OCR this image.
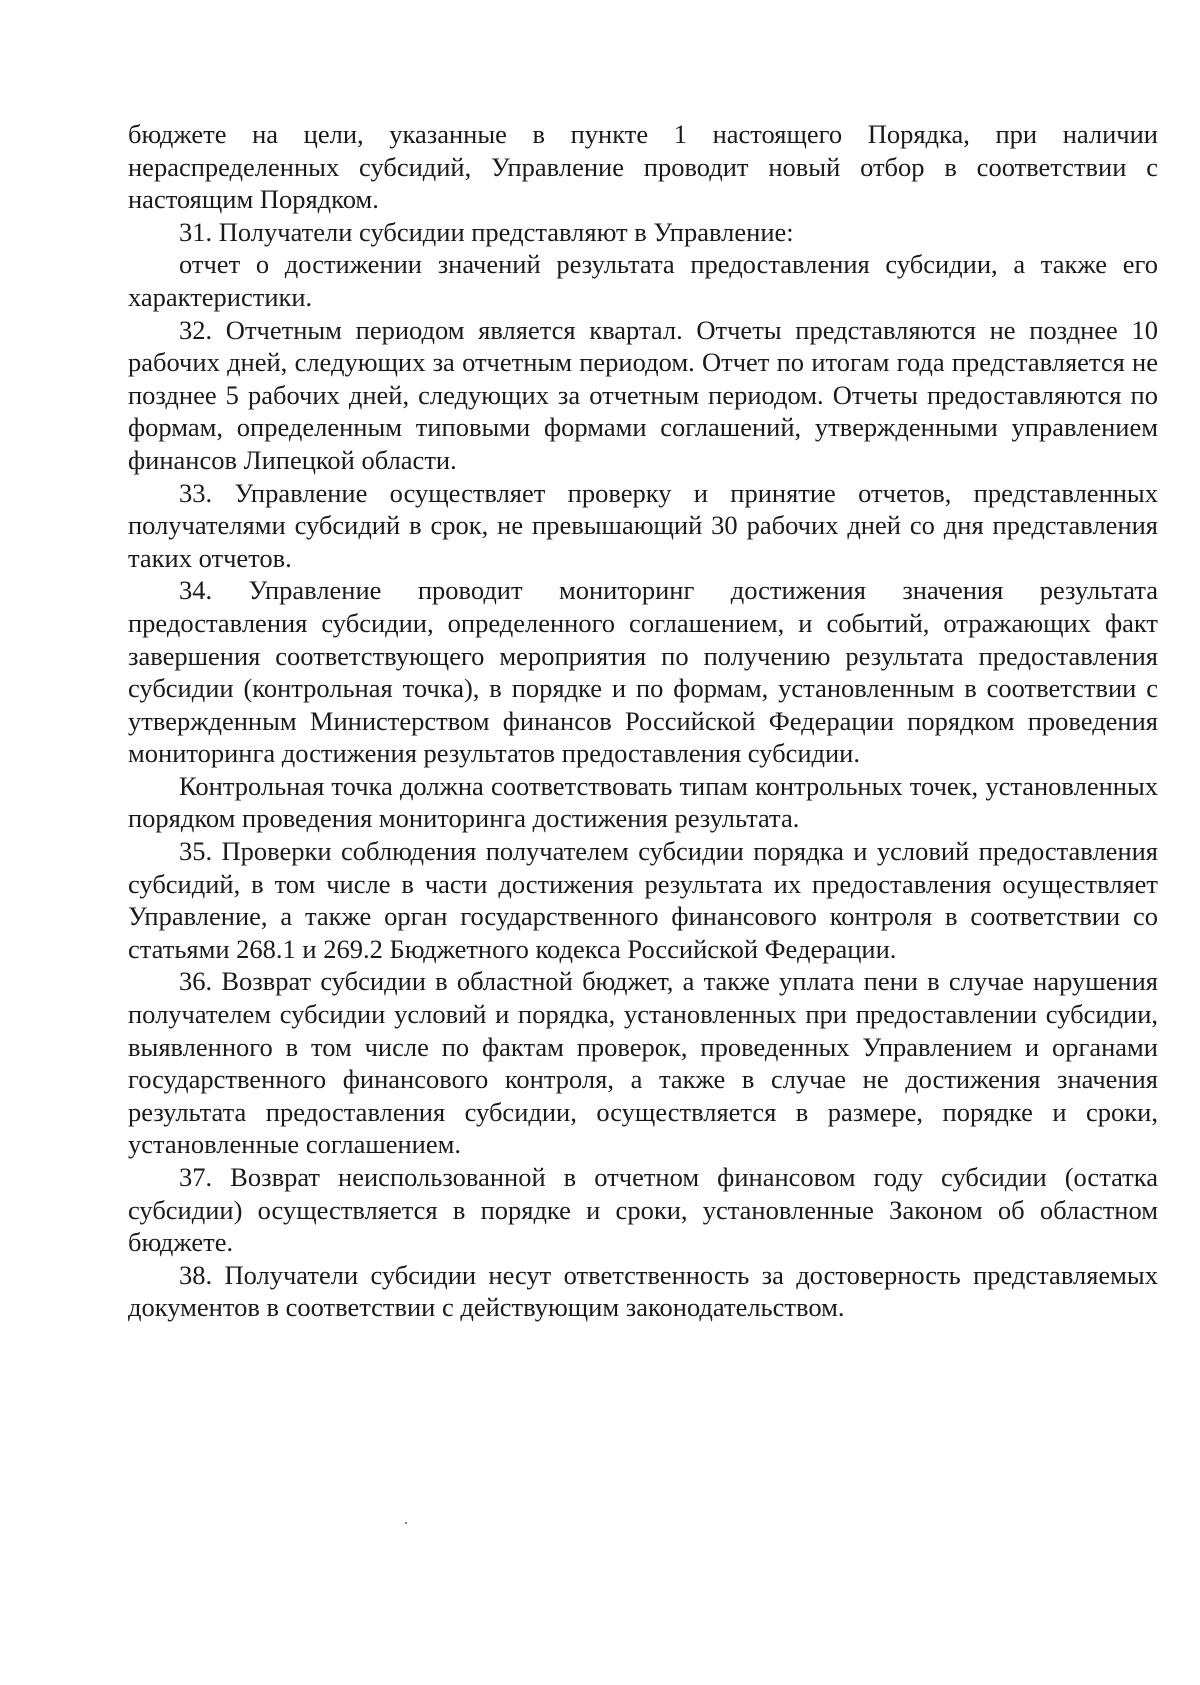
бюджете на цели, указанные в пункте 1 настоящего Порядка, при наличии нераспределенных субсидий, Управление проводит новый отбор в соответствии с настоящим Порядком.

31. Получатели субсидии представляют в Управление:

отчет о достижении значений результата предоставления субсидии, а также его характеристики.

32. Отчетным периодом является квартал. Отчеты представляются не позднее 10 рабочих дней, следующих за отчетным периодом. Отчет по итогам года представляется не позднее 5 рабочих дней, следующих за отчетным периодом. Отчеты предоставляются по формам, определенным типовыми формами соглашений, утвержденными управлением финансов Липецкой области.

33. Управление осуществляет проверку и принятие отчетов, представленных получателями субсидий в срок, не превышающий 30 рабочих дней со дня представления таких отчетов.

34. Управление проводит мониторинг достижения значения результата предоставления субсидии, определенного соглашением, и событий, отражающих факт завершения соответствующего мероприятия по получению результата предоставления субсидии (контрольная точка), в порядке и по формам, установленным в соответствии с утвержденным Министерством финансов Российской Федерации порядком проведения мониторинга достижения результатов предоставления субсидии.

Контрольная точка должна соответствовать типам контрольных точек, установленных порядком проведения мониторинга достижения результата.

35. Проверки соблюдения получателем субсидии порядка и условий предоставления субсидий, в том числе в части достижения результата их предоставления осуществляет Управление, а также орган государственного финансового контроля в соответствии со статьями 268.1 и 269.2 Бюджетного кодекса Российской Федерации.

36. Возврат субсидии в областной бюджет, а также уплата пени в случае нарушения получателем субсидии условий и порядка, установленных при предоставлении субсидии, выявленного в том числе по фактам проверок, проведенных Управлением и органами государственного финансового контроля, а также в случае не достижения значения результата предоставления субсидии, осуществляется в размере, порядке и сроки, установленные соглашением.

37. Возврат неиспользованной в отчетном финансовом году субсидии (остатка субсидии) осуществляется в порядке и сроки, установленные Законом об областном бюджете.

38. Получатели субсидии несут ответственность за достоверность представляемых документов в соответствии с действующим законодательством.
